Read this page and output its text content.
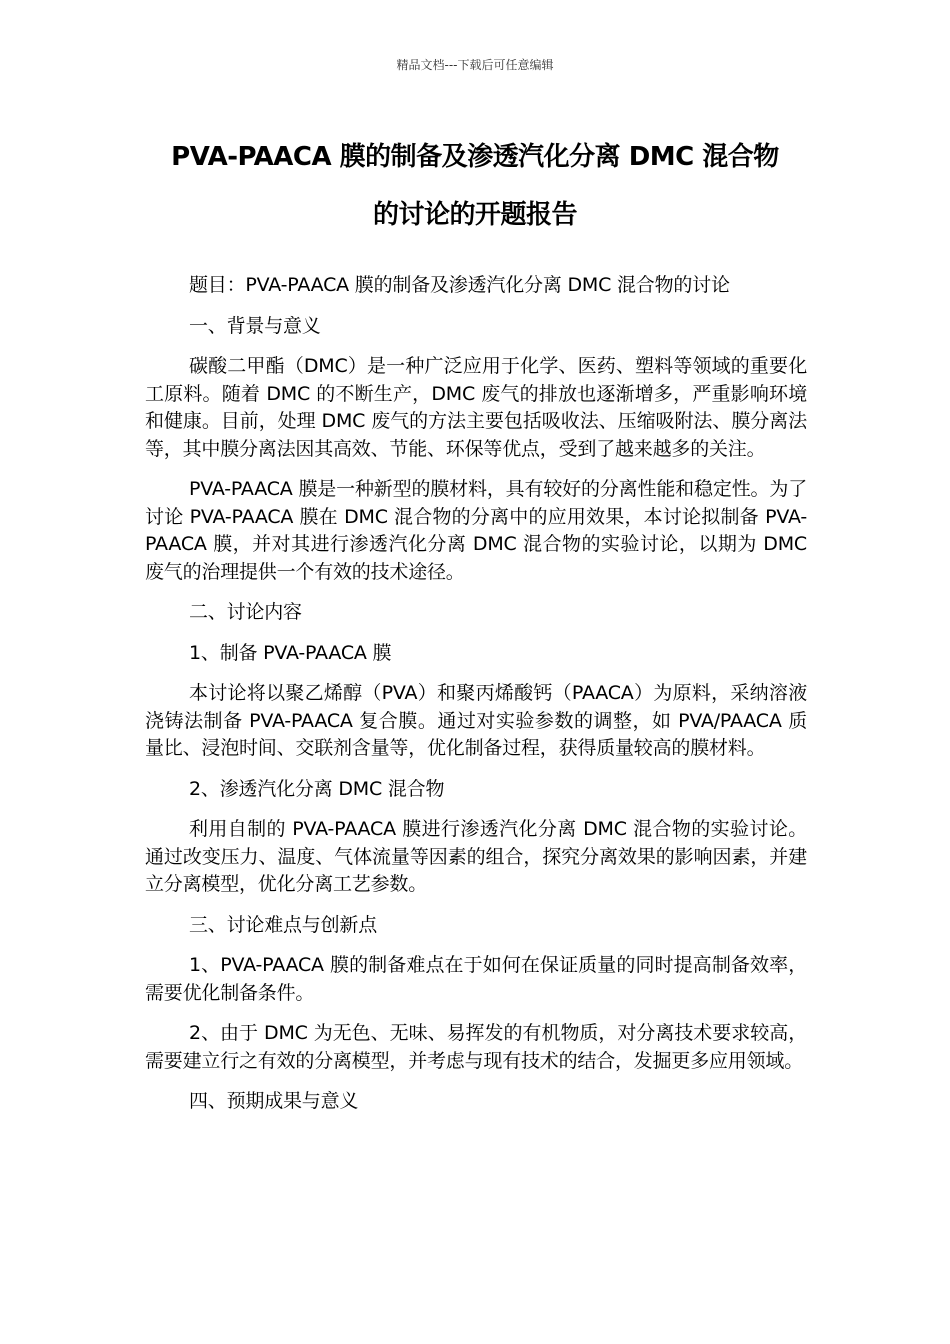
精品文档---下载后可任意编辑
PVA-PAACA 膜的制备及渗透汽化分离 DMC 混合物
的讨论的开题报告

题目：PVA-PAACA 膜的制备及渗透汽化分离 DMC 混合物的讨论

一、背景与意义

碳酸二甲酯（DMC）是一种广泛应用于化学、医药、塑料等领域的重要化工原料。随着 DMC 的不断生产，DMC 废气的排放也逐渐增多，严重影响环境和健康。目前，处理 DMC 废气的方法主要包括吸收法、压缩吸附法、膜分离法等，其中膜分离法因其高效、节能、环保等优点，受到了越来越多的关注。

PVA-PAACA 膜是一种新型的膜材料，具有较好的分离性能和稳定性。为了讨论 PVA-PAACA 膜在 DMC 混合物的分离中的应用效果，本讨论拟制备 PVA-PAACA 膜，并对其进行渗透汽化分离 DMC 混合物的实验讨论，以期为 DMC 废气的治理提供一个有效的技术途径。

二、讨论内容

1、制备 PVA-PAACA 膜

本讨论将以聚乙烯醇（PVA）和聚丙烯酸钙（PAACA）为原料，采纳溶液浇铸法制备 PVA-PAACA 复合膜。通过对实验参数的调整，如 PVA/PAACA 质量比、浸泡时间、交联剂含量等，优化制备过程，获得质量较高的膜材料。

2、渗透汽化分离 DMC 混合物

利用自制的 PVA-PAACA 膜进行渗透汽化分离 DMC 混合物的实验讨论。通过改变压力、温度、气体流量等因素的组合，探究分离效果的影响因素，并建立分离模型，优化分离工艺参数。

三、讨论难点与创新点

1、PVA-PAACA 膜的制备难点在于如何在保证质量的同时提高制备效率，需要优化制备条件。

2、由于 DMC 为无色、无味、易挥发的有机物质，对分离技术要求较高，需要建立行之有效的分离模型，并考虑与现有技术的结合，发掘更多应用领域。

四、预期成果与意义
